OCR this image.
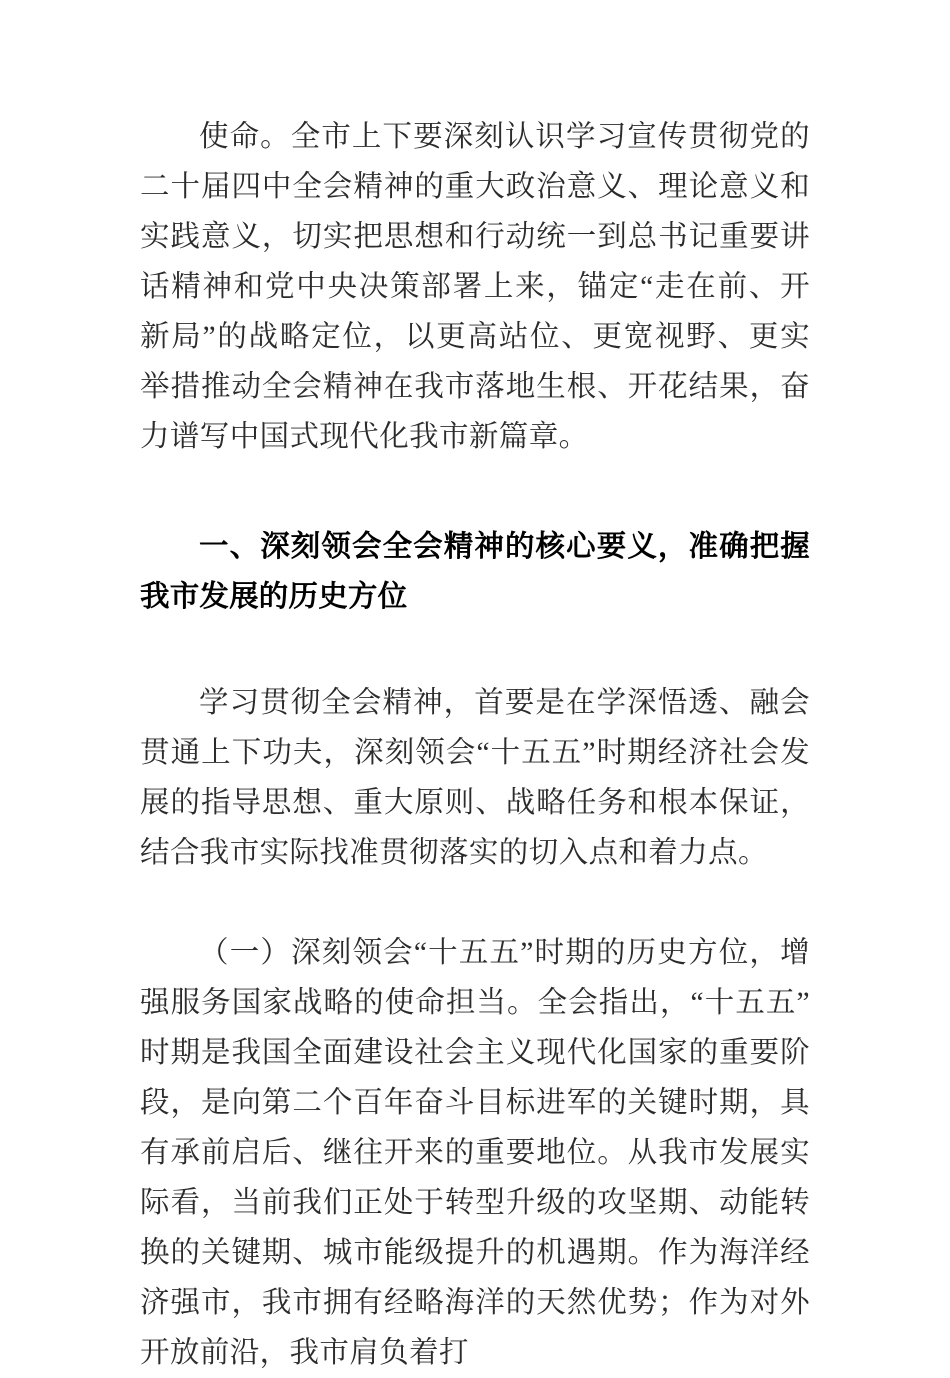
使命。全市上下要深刻认识学习宣传贯彻党的二十届四中全会精神的重大政治意义、理论意义和实践意义，切实把思想和行动统一到总书记重要讲话精神和党中央决策部署上来，锚定“走在前、开新局”的战略定位，以更高站位、更宽视野、更实举措推动全会精神在我市落地生根、开花结果，奋力谱写中国式现代化我市新篇章。

一、深刻领会全会精神的核心要义，准确把握我市发展的历史方位

学习贯彻全会精神，首要是在学深悟透、融会贯通上下功夫，深刻领会“十五五”时期经济社会发展的指导思想、重大原则、战略任务和根本保证，结合我市实际找准贯彻落实的切入点和着力点。

（一）深刻领会“十五五”时期的历史方位，增强服务国家战略的使命担当。全会指出，“十五五”时期是我国全面建设社会主义现代化国家的重要阶段，是向第二个百年奋斗目标进军的关键时期，具有承前启后、继往开来的重要地位。从我市发展实际看，当前我们正处于转型升级的攻坚期、动能转换的关键期、城市能级提升的机遇期。作为海洋经济强市，我市拥有经略海洋的天然优势；作为对外开放前沿，我市肩负着打
